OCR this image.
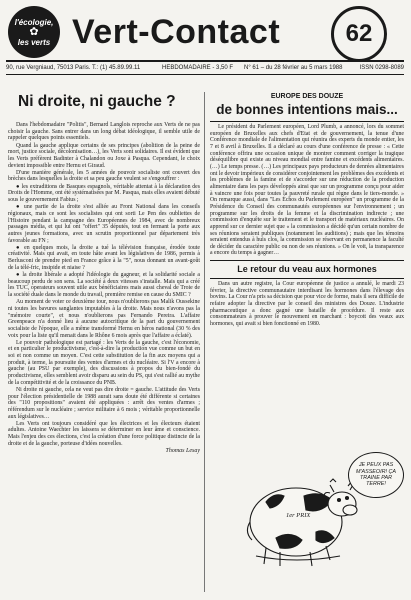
l'écologie,
✿
les verts Vert-Contact	62
90, rue Vergniaud, 75013 Paris. T.: (1) 45.89.99.11	HEBDOMADAIRE - 3,50 F N° 61 – du 28 février au 5 mars 1988	ISSN 0298-8089
Ni droite, ni gauche ?

Dans l'hebdomadaire "Politis", Bernard Langlois reproche aux Verts de ne pas choisir la gauche. Sans entrer dans un long débat idéologique, il semble utile de rappeler quelques points essentiels.

Quand la gauche applique certains de ses principes (abolition de la peine de mort, justice sociale, décolonisation…), les Verts sont solidaires. Il est évident que les Verts préfèrent Badinter à Chalandon ou Joxe à Pasqua. Cependant, le choix devient impossible entre Hernu et Giraud.

D'une manière générale, les 5 années de pouvoir socialiste ont couvert des brèches dans lesquelles la droite et sa peu gauche veulent se s'engouffrer :

● les extraditions de Basques espagnols, véritable attentat à la déclaration des Droits de l'Homme, ont été systématisées par M. Pasqua, mais elles avaient débuté sous le gouvernement Fabius ;

● une partie de la droite s'est alliée au Front National dans les conseils régionaux, mais ce sont les socialistes qui ont sorti Le Pen des oubliettes de l'Histoire pendant la campagne des Européennes de 1984, avec de nombreux passages média, et qui lui ont "offert" 35 députés, tout en fermant la porte aux autres jeunes formations, avec un scrutin proportionnel par département très favorable au FN ;

● en quelques mois, la droite a tué la télévision française, érodée toute créativité. Mais qui avait, en toute hâte avant les législatives de 1986, permis à Berlusconi de prendre pied en France grâce à la "5", nous donnant un avant-goût de la télé-fric, insipide et niaise ?

● la droite libérale a adopté l'idéologie du gagneur, et la solidarité sociale a beaucoup perdu de son sens. La société à deux vitesses s'installe. Mais qui a créé les TUC, operateurs souvent utile aux bénéficiaires mais aussi cheval de Troie de la société duale dans le monde du travail, première remise en cause du SMIC ?

Au moment de voter ce deuxième tour, nous n'oublierons pas Malik Oussekine ni toutes les bavures sanglantes imputables à la droite. Mais nous n'avons pas la "mémoire courte", et nous n'oublierons pas Fernando Pereira. L'affaire Greenpeace n'a donné lieu à aucune autocritique de la part du gouvernement socialiste de l'époque, elle a même transformé Hernu en héros national (30 % des voix pour la liste qu'il menait dans le Rhône 6 mois après que l'affaire a éclaté).

Le pouvoir pathologique est partagé : les Verts de la gauche, c'est l'économie, et en particulier le productivisme, c'est-à-dire la production vue comme un but en soi et non comme un moyen. C'est cette substitution de la fin aux moyens qui a produit, à terme, la poursuite des ventes d'armes et du nucléaire. Si l'V a encore à gauche (au PSU par exemple), des discussions à propos du bien-fondé du productivisme, elles semblent avoir disparu au sein du PS, qui s'est rallié au mythe de la compétitivité et de la croissance du PNB.

Ni droite ni gauche, cela ne veut pas dire droite = gauche. L'attitude des Verts pour l'élection présidentielle de 1988 aurait sans doute été différente si certaines des "110 propositions" avaient été appliquées : arrêt des ventes d'armes ; référendum sur le nucléaire ; service militaire à 6 mois ; véritable proportionnelle aux législatives…

Les Verts ont toujours considéré que les électrices et les électeurs étaient adultes. Antoine Waechter les laissera se déterminer en leur âme et conscience. Mais l'enjeu des ces élections, c'est la création d'une force politique distincte de la droite et de la gauche, porteuse d'idées nouvelles.

Thomas Lesay
EUROPE DES DOUZE
de bonnes intentions mais...

Le président du Parlement européen, Lord Plumb, a annoncé, lors du sommet européen de Bruxelles aux chefs d'Etat et de gouvernement, la tenue d'une Conférence mondiale de l'alimentation qui réunira des experts du monde entier, les 7 et 8 avril à Bruxelles. Il a déclaré au cours d'une conférence de presse : « Cette conférence offrira une occasion unique de montrer comment corriger la tragique déséquilibre qui existe au niveau mondial entre famine et excédents alimentaires. (…) Le temps presse. (…) Les principaux pays producteurs de denrées alimentaires ont le devoir impérieux de considérer conjointement les problèmes des excédents et les problèmes de la famine et de s'accorder sur une réduction de la production alimentaire dans les pays développés ainsi que sur un programme conçu pour aider à vaincre une fois pour toutes la pauvreté rurale qui règne dans le tiers-monde. » On remarque aussi, dans "Les Échos du Parlement européen" un programme de la Présidence du Conseil des communautés européennes sur l'environnement ; un programme sur les droits de la femme et la discrimination indirecte ; une commission d'enquête sur le traitement et le transport de matériaux nucléaires. On apprend sur ce dernier sujet que « la commission a décidé qu'un certain nombre de ses réunions seraient publiques (notamment les auditions) ; mais que les témoins seraient entendus à huis clos, la commission se réservant en permanence la faculté de décider du caractère public ou non de ses réunions. » On le voit, la transparence a encore du temps à gagner…

Le retour du veau aux hormones

Dans un autre registre, la Cour européenne de justice a annulé, le mardi 23 février, la directive communautaire interdisant les hormones dans l'élevage des bovins. La Cour n'a pris sa décision que pour vice de forme, mais il sera difficile de refaire adopter la directive par le conseil des ministres des Douze. L'industrie pharmaceutique a donc gagné une bataille de procédure. Il reste aux consommateurs à prouver le mouvement en marchant : boycott des veaux aux hormones, qui avait si bien fonctionné en 1980.

JE PEUX PAS M'ASSEOIR! ÇA TRAINE PAR TERRE!
1er PRIX
